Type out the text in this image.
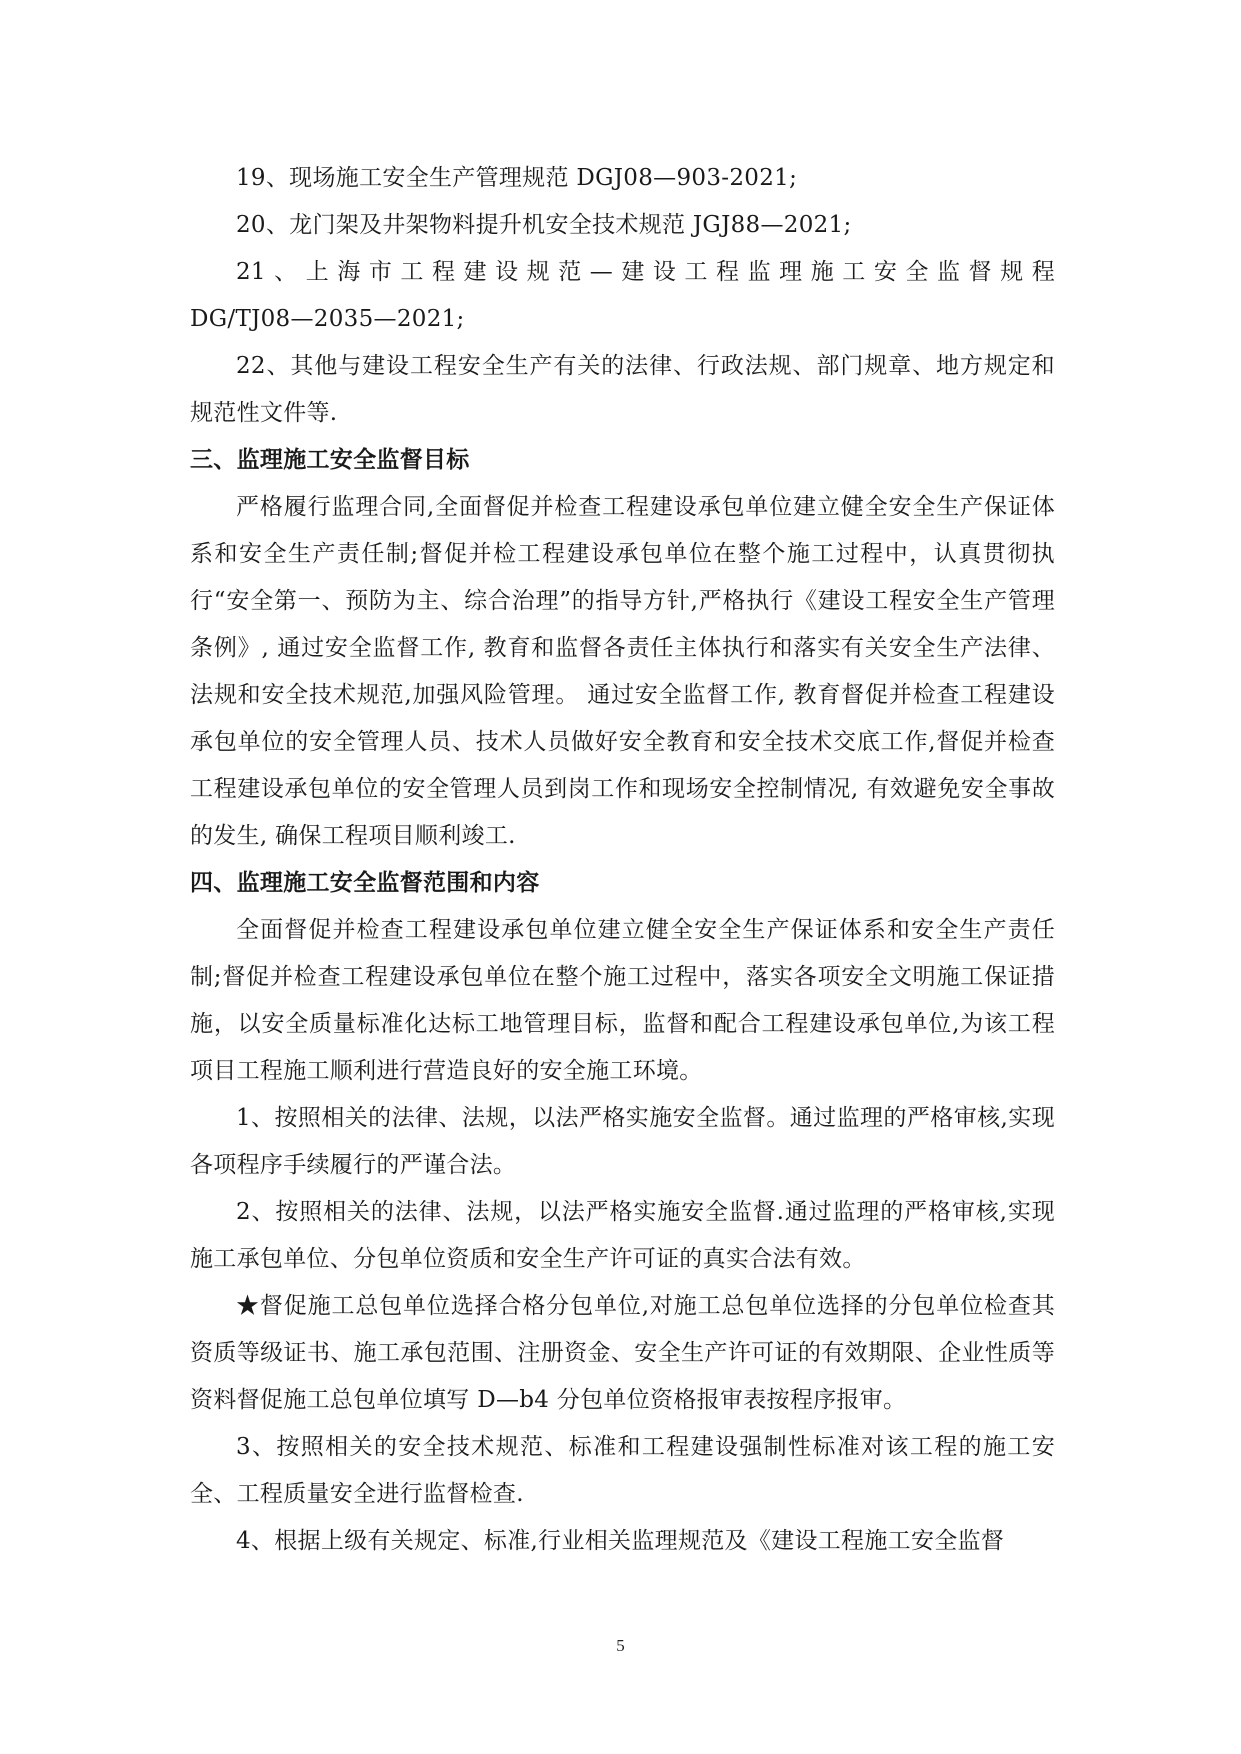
19、现场施工安全生产管理规范 DGJ08—903-2021;

20、龙门架及井架物料提升机安全技术规范 JGJ88—2021;

21、上海市工程建设规范—建设工程监理施工安全监督规程

DG/TJ08—2035—2021;

22、其他与建设工程安全生产有关的法律、行政法规、部门规章、地方规定和规范性文件等.

三、监理施工安全监督目标

严格履行监理合同,全面督促并检查工程建设承包单位建立健全安全生产保证体系和安全生产责任制;督促并检工程建设承包单位在整个施工过程中，认真贯彻执行“安全第一、预防为主、综合治理”的指导方针,严格执行《建设工程安全生产管理条例》, 通过安全监督工作, 教育和监督各责任主体执行和落实有关安全生产法律、法规和安全技术规范,加强风险管理。 通过安全监督工作, 教育督促并检查工程建设承包单位的安全管理人员、技术人员做好安全教育和安全技术交底工作,督促并检查工程建设承包单位的安全管理人员到岗工作和现场安全控制情况, 有效避免安全事故的发生, 确保工程项目顺利竣工.

四、监理施工安全监督范围和内容

全面督促并检查工程建设承包单位建立健全安全生产保证体系和安全生产责任制;督促并检查工程建设承包单位在整个施工过程中，落实各项安全文明施工保证措施，以安全质量标准化达标工地管理目标，监督和配合工程建设承包单位,为该工程项目工程施工顺利进行营造良好的安全施工环境。

1、按照相关的法律、法规，以法严格实施安全监督。通过监理的严格审核,实现各项程序手续履行的严谨合法。

2、按照相关的法律、法规，以法严格实施安全监督.通过监理的严格审核,实现施工承包单位、分包单位资质和安全生产许可证的真实合法有效。

★督促施工总包单位选择合格分包单位,对施工总包单位选择的分包单位检查其资质等级证书、施工承包范围、注册资金、安全生产许可证的有效期限、企业性质等资料督促施工总包单位填写 D—b4 分包单位资格报审表按程序报审。

3、按照相关的安全技术规范、标准和工程建设强制性标准对该工程的施工安全、工程质量安全进行监督检查.

4、根据上级有关规定、标准,行业相关监理规范及《建设工程施工安全监督

5
